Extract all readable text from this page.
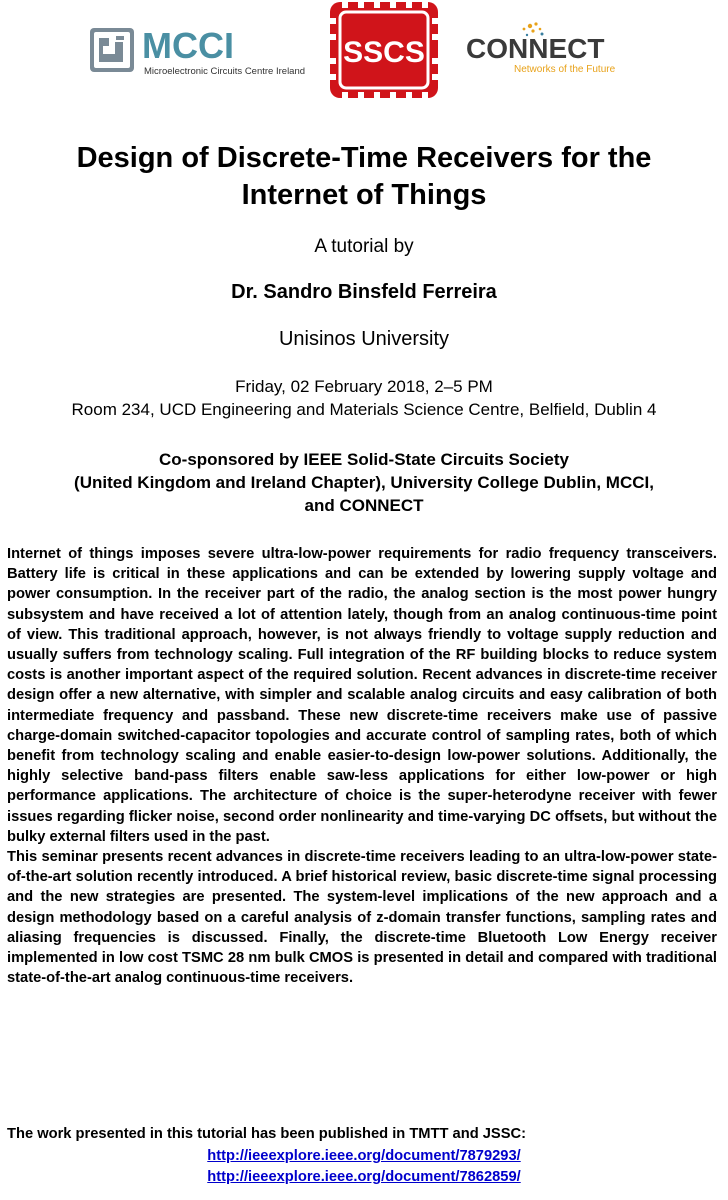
MCCI
Microelectronic Circuits Centre Ireland
SSCS CONNECT
Networks of the Future
Design of Discrete-Time Receivers for the
Internet of Things
A tutorial by
Dr. Sandro Binsfeld Ferreira
Unisinos University
Friday, 02 February 2018, 2–5 PM
Room 234, UCD Engineering and Materials Science Centre, Belfield, Dublin 4
Co-sponsored by IEEE Solid-State Circuits Society
(United Kingdom and Ireland Chapter), University College Dublin, MCCI,
and CONNECT

Internet of things imposes severe ultra-low-power requirements for radio frequency transceivers. Battery life is critical in these applications and can be extended by lowering supply voltage and power consumption. In the receiver part of the radio, the analog section is the most power hungry subsystem and have received a lot of attention lately, though from an analog continuous-time point of view. This traditional approach, however, is not always friendly to voltage supply reduction and usually suffers from technology scaling. Full integration of the RF building blocks to reduce system costs is another important aspect of the required solution. Recent advances in discrete-time receiver design offer a new alternative, with simpler and scalable analog circuits and easy calibration of both intermediate frequency and passband. These new discrete-time receivers make use of passive charge-domain switched-capacitor topologies and accurate control of sampling rates, both of which benefit from technology scaling and enable easier-to-design low-power solutions. Additionally, the highly selective band-pass filters enable saw-less applications for either low-power or high performance applications. The architecture of choice is the super-heterodyne receiver with fewer issues regarding flicker noise, second order nonlinearity and time-varying DC offsets, but without the bulky external filters used in the past.

This seminar presents recent advances in discrete-time receivers leading to an ultra-low-power state-of-the-art solution recently introduced. A brief historical review, basic discrete-time signal processing and the new strategies are presented. The system-level implications of the new approach and a design methodology based on a careful analysis of z-domain transfer functions, sampling rates and aliasing frequencies is discussed. Finally, the discrete-time Bluetooth Low Energy receiver implemented in low cost TSMC 28 nm bulk CMOS is presented in detail and compared with traditional state-of-the-art analog continuous-time receivers.

The work presented in this tutorial has been published in TMTT and JSSC:
http://ieeexplore.ieee.org/document/7879293/
http://ieeexplore.ieee.org/document/7862859/
